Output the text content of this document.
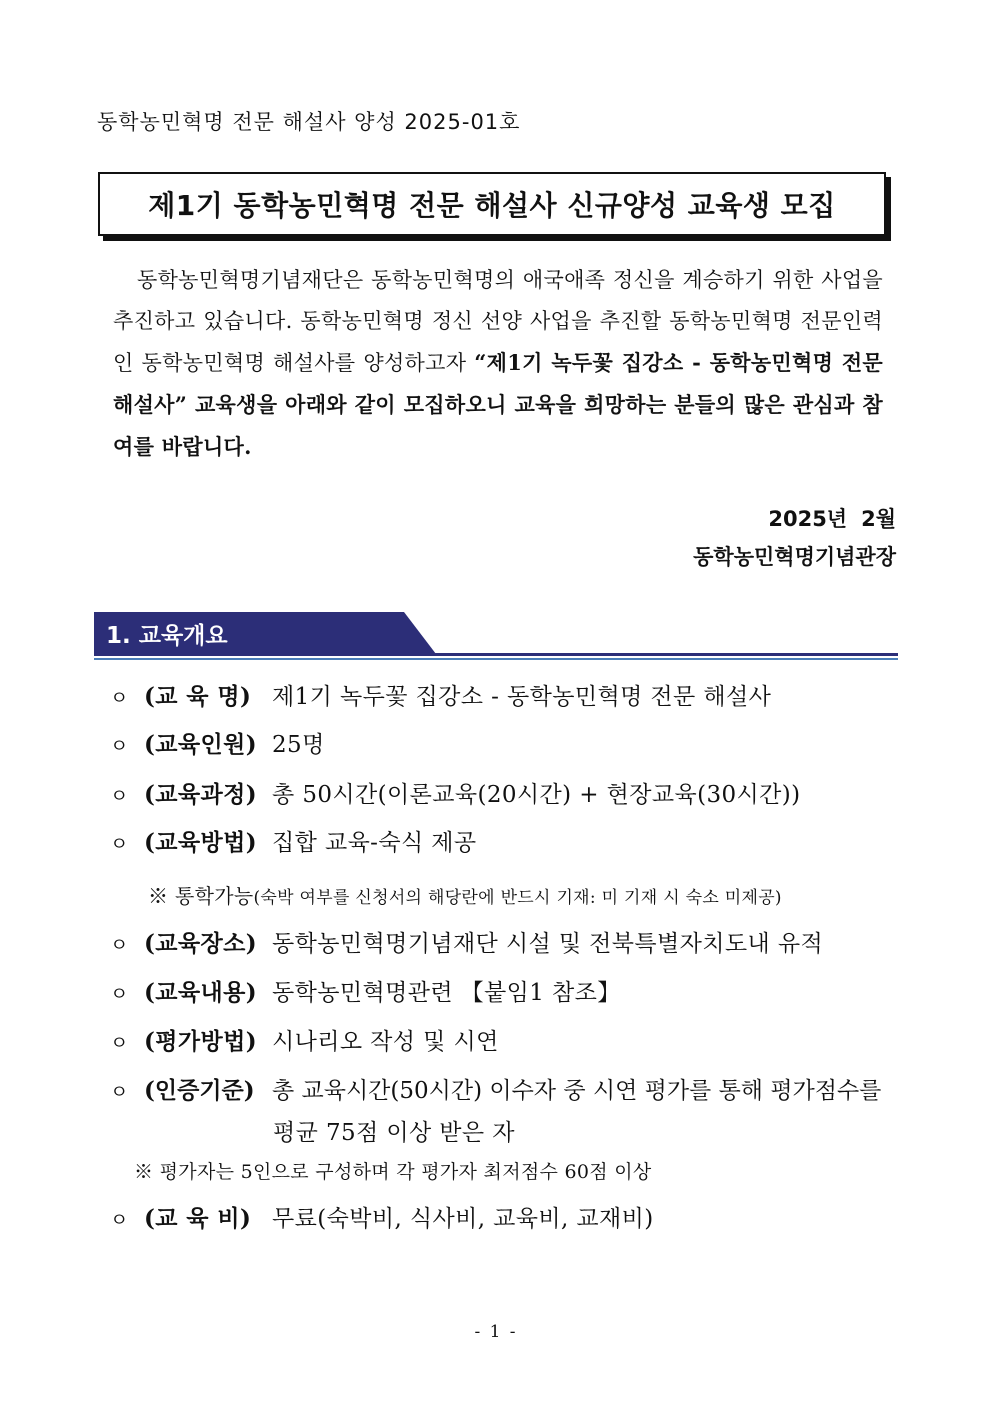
동학농민혁명 전문 해설사 양성 2025-01호
제1기 동학농민혁명 전문 해설사 신규양성 교육생 모집

동학농민혁명기념재단은 동학농민혁명의 애국애족 정신을 계승하기 위한 사업을 추진하고 있습니다. 동학농민혁명 정신 선양 사업을 추진할 동학농민혁명 전문인력인 동학농민혁명 해설사를 양성하고자 “제1기 녹두꽃 집강소 - 동학농민혁명 전문 해설사” 교육생을 아래와 같이 모집하오니 교육을 희망하는 분들의 많은 관심과 참여를 바랍니다.

2025년 2월
동학농민혁명기념관장
1. 교육개요
ㅇ (교 육 명) 제1기 녹두꽃 집강소 - 동학농민혁명 전문 해설사
ㅇ (교육인원) 25명
ㅇ (교육과정) 총 50시간(이론교육(20시간) + 현장교육(30시간))
ㅇ (교육방법) 집합 교육-숙식 제공
※ 통학가능(숙박 여부를 신청서의 해당란에 반드시 기재: 미 기재 시 숙소 미제공)
ㅇ (교육장소) 동학농민혁명기념재단 시설 및 전북특별자치도내 유적
ㅇ (교육내용) 동학농민혁명관련 【붙임1 참조】
ㅇ (평가방법) 시나리오 작성 및 시연
ㅇ (인증기준) 총 교육시간(50시간) 이수자 중 시연 평가를 통해 평가점수를
평균 75점 이상 받은 자
※ 평가자는 5인으로 구성하며 각 평가자 최저점수 60점 이상
ㅇ (교 육 비) 무료(숙박비, 식사비, 교육비, 교재비)
- 1 -
